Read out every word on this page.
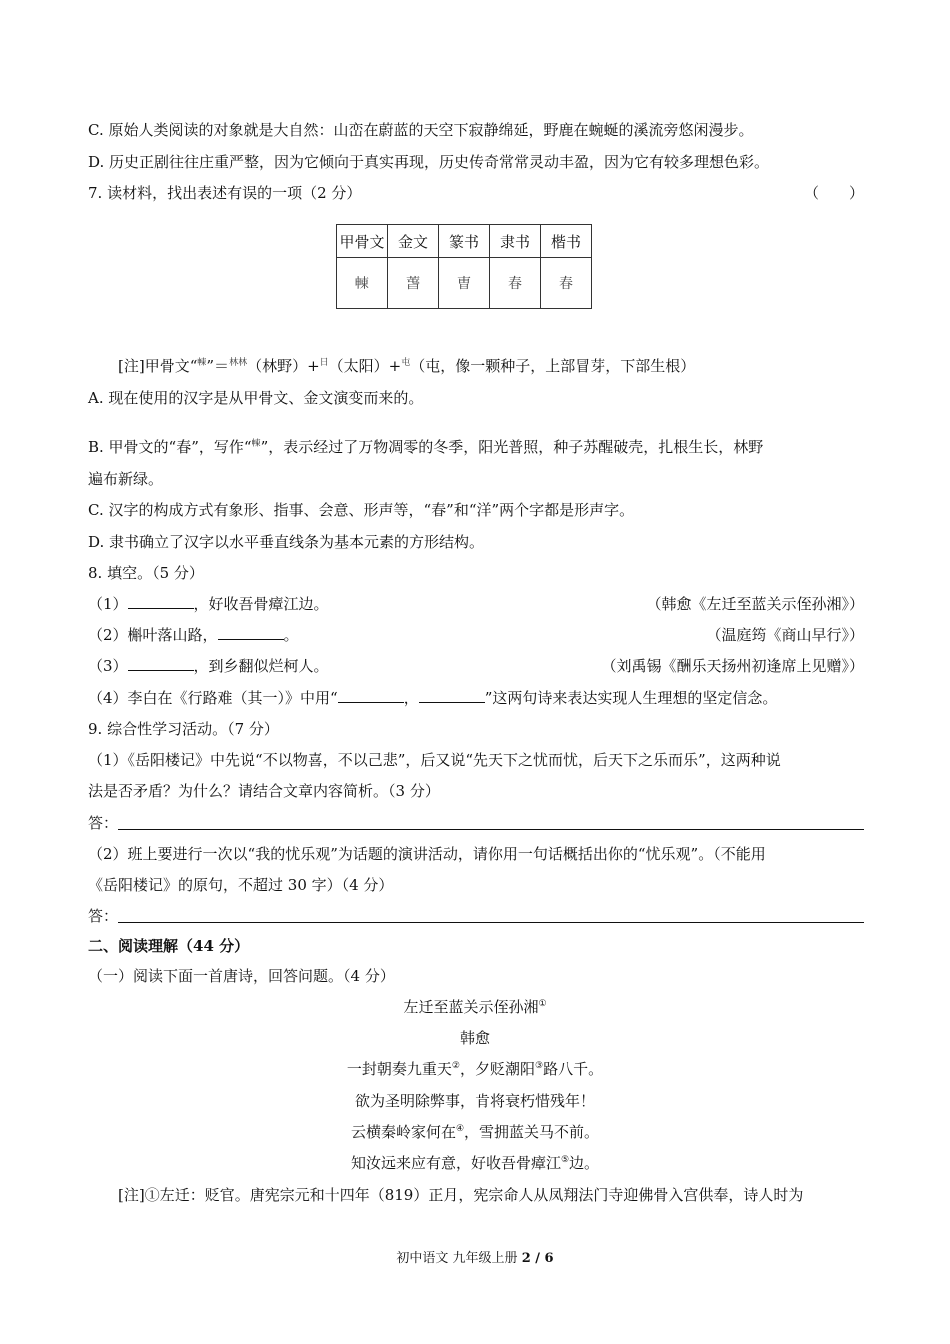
C. 原始人类阅读的对象就是大自然：山峦在蔚蓝的天空下寂静绵延，野鹿在蜿蜒的溪流旁悠闲漫步。
D. 历史正剧往往庄重严整，因为它倾向于真实再现，历史传奇常常灵动丰盈，因为它有较多理想色彩。
7. 读材料，找出表述有误的一项（2 分）	（　　）
甲骨文	金文	篆书	隶书	楷书
𣌾	萅	曺	春	春
[注]甲骨文“𣌾”＝林林（林野）+日（太阳）+屯（屯，像一颗种子，上部冒芽，下部生根）
A. 现在使用的汉字是从甲骨文、金文演变而来的。
B. 甲骨文的“春”，写作“𣌾”，表示经过了万物凋零的冬季，阳光普照，种子苏醒破壳，扎根生长，林野
遍布新绿。
C. 汉字的构成方式有象形、指事、会意、形声等，“春”和“洋”两个字都是形声字。
D. 隶书确立了汉字以水平垂直线条为基本元素的方形结构。
8. 填空。（5 分）
（1）	，好收吾骨瘴江边。	（韩愈《左迁至蓝关示侄孙湘》）
（2）槲叶落山路，	。	（温庭筠《商山早行》）
（3）	，到乡翻似烂柯人。	（刘禹锡《酬乐天扬州初逢席上见赠》）
（4）李白在《行路难（其一）》中用“	，	”这两句诗来表达实现人生理想的坚定信念。
9. 综合性学习活动。（7 分）
（1）《岳阳楼记》中先说“不以物喜，不以己悲”，后又说“先天下之忧而忧，后天下之乐而乐”，这两种说
法是否矛盾？为什么？请结合文章内容简析。（3 分）
答：
（2）班上要进行一次以“我的忧乐观”为话题的演讲活动，请你用一句话概括出你的“忧乐观”。（不能用
《岳阳楼记》的原句，不超过 30 字）（4 分）
答：
二、阅读理解（44 分）
（一）阅读下面一首唐诗，回答问题。（4 分）
左迁至蓝关示侄孙湘①
韩愈
一封朝奏九重天②，夕贬潮阳③路八千。
欲为圣明除弊事，肯将衰朽惜残年！
云横秦岭家何在④，雪拥蓝关马不前。
知汝远来应有意，好收吾骨瘴江⑤边。
[注]①左迁：贬官。唐宪宗元和十四年（819）正月，宪宗命人从凤翔法门寺迎佛骨入宫供奉，诗人时为
初中语文 九年级上册 2 / 6
